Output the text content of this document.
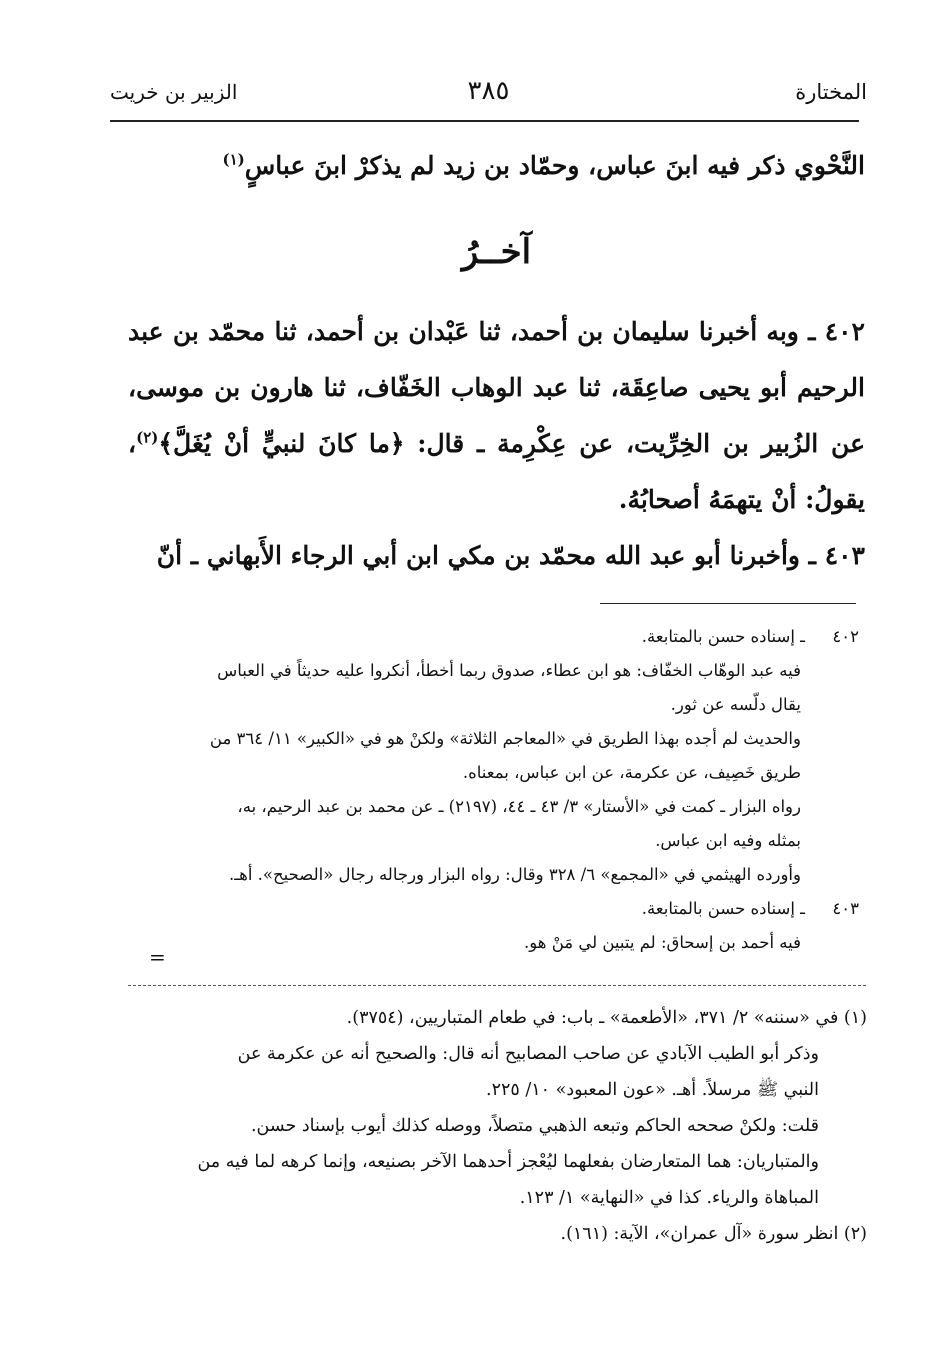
المختارة
٣٨٥
الزبير بن خريت

النَّحْوي ذكر فيه ابنَ عباس، وحمّاد بن زيد لم يذكرْ ابنَ عباسٍ$^{(١)}$

آخــرُ

٤٠٢ ـ وبه أخبرنا سليمان بن أحمد، ثنا عَبْدان بن أحمد، ثنا محمّد بن عبد الرحيم أبو يحيى صاعِقَة، ثنا عبد الوهاب الخَفّاف، ثنا هارون بن موسى، عن الزُبير بن الخِرِّيت، عن عِكْرِمة ـ قال: ﴿ما كانَ لنبيٍّ أنْ يُغَلَّ﴾$^{(٢)}$، يقولُ: أنْ يتهمَهُ أصحابُهُ.

٤٠٣ ـ وأخبرنا أبو عبد الله محمّد بن مكي ابن أبي الرجاء الأَبهاني ـ أنّ

٤٠٢
ـ إسناده حسن بالمتابعة.

فيه عبد الوهّاب الخفّاف: هو ابن عطاء، صدوق ربما أخطأ، أنكروا عليه حديثاً في العباس

يقال دلّسه عن ثور.

والحديث لم أجده بهذا الطريق في «المعاجم الثلاثة» ولكنْ هو في «الكبير» ١١/ ٣٦٤ من

طريق خَصِيف، عن عكرمة، عن ابن عباس، بمعناه.

رواه البزار ـ كمت في «الأستار» ٣/ ٤٣ ـ ٤٤، (٢١٩٧) ـ عن محمد بن عبد الرحيم، به،

بمثله وفيه ابن عباس.

وأورده الهيثمي في «المجمع» ٦/ ٣٢٨ وقال: رواه البزار ورجاله رجال «الصحيح». أهـ.

٤٠٣
ـ إسناده حسن بالمتابعة.

فيه أحمد بن إسحاق: لم يتبين لي مَنْ هو.

=

(١) في «سننه» ٢/ ٣٧١، «الأطعمة» ـ باب: في طعام المتباريين، (٣٧٥٤).

وذكر أبو الطيب الآبادي عن صاحب المصابيح أنه قال: والصحيح أنه عن عكرمة عن

النبي ﷺ مرسلاً. أهـ. «عون المعبود» ١٠/ ٢٢٥.

قلت: ولكنْ صححه الحاكم وتبعه الذهبي متصلاً، ووصله كذلك أيوب بإسناد حسن.

والمتباريان: هما المتعارضان بفعلهما ليُعْجز أحدهما الآخر بصنيعه، وإنما كرهه لما فيه من

المباهاة والرياء. كذا في «النهاية» ١/ ١٢٣.

(٢) انظر سورة «آل عمران»، الآية: (١٦١).
